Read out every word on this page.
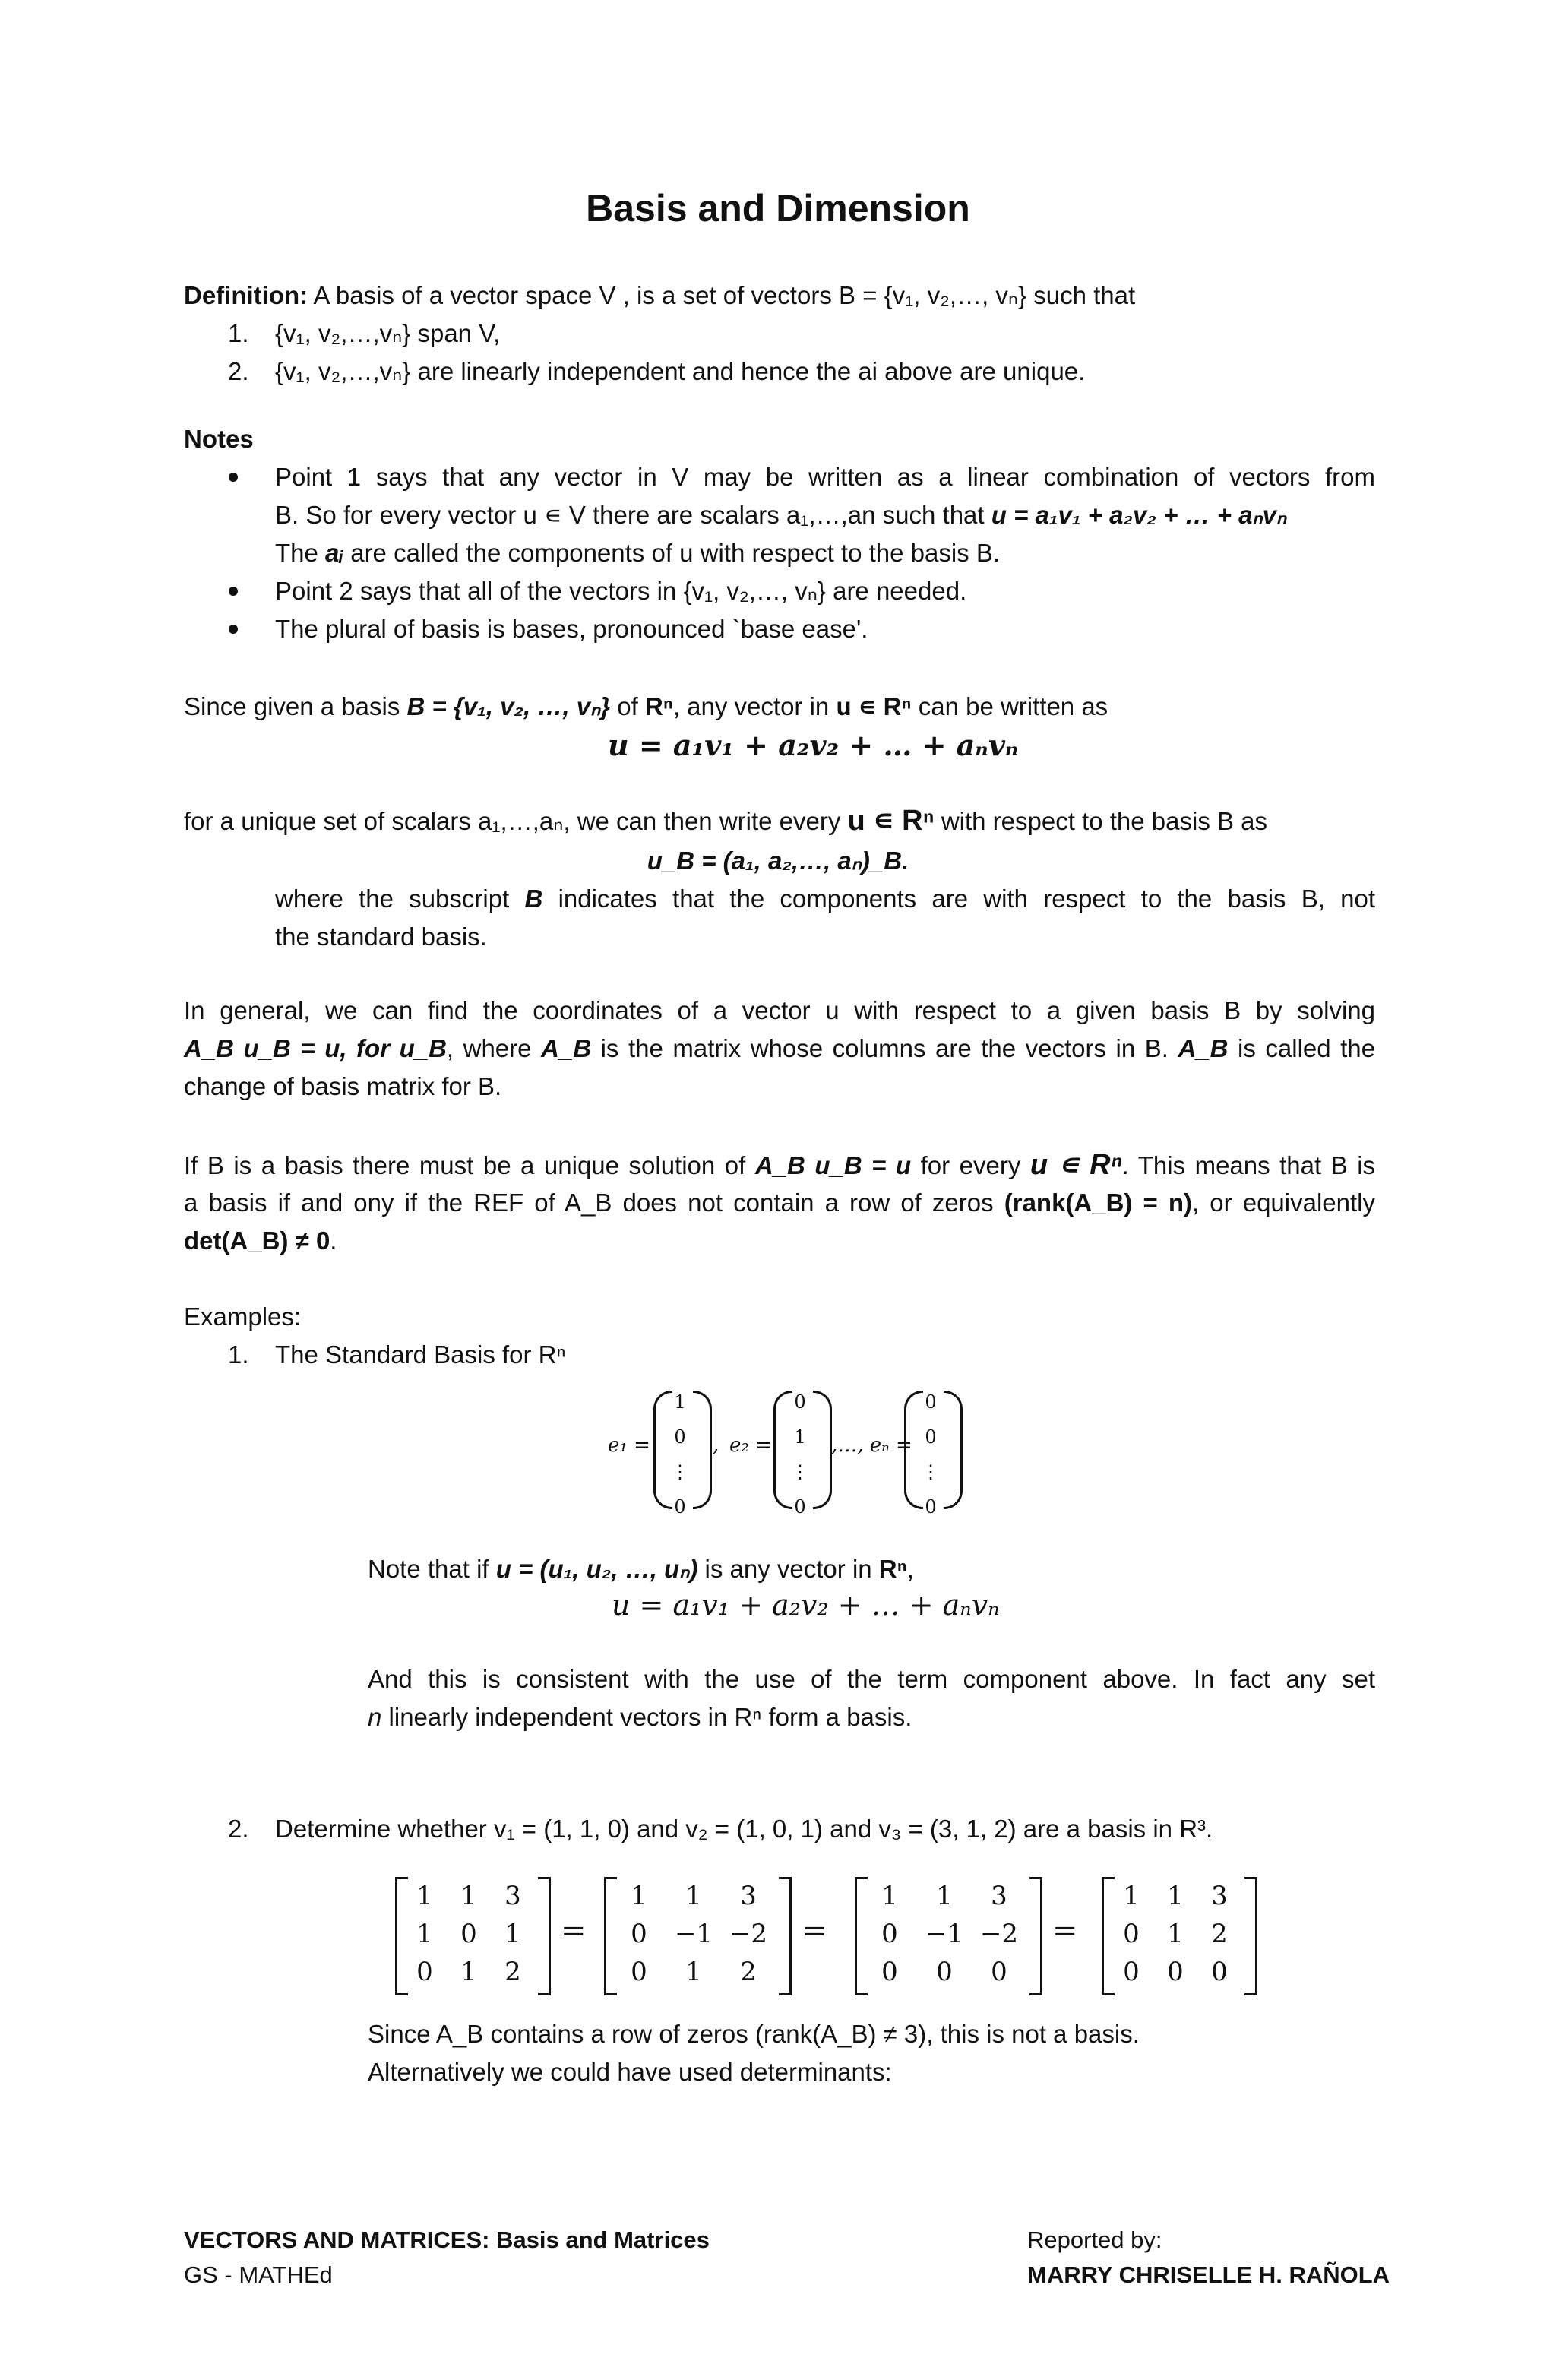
Basis and Dimension
Definition: A basis of a vector space V , is a set of vectors B = {v₁, v₂,…, vₙ} such that
1. {v₁, v₂,…,vₙ} span V,
2. {v₁, v₂,…,vₙ} are linearly independent and hence the ai above are unique.
Notes
Point 1 says that any vector in V may be written as a linear combination of vectors from
B. So for every vector u ∊ V there are scalars a₁,…,an such that u = a₁v₁ + a₂v₂ + … + aₙvₙ
The aᵢ are called the components of u with respect to the basis B.
Point 2 says that all of the vectors in {v₁, v₂,…, vₙ} are needed.
The plural of basis is bases, pronounced `base ease'.
Since given a basis B = {v₁, v₂, …, vₙ} of Rⁿ, any vector in u ∊ Rⁿ can be written as
u = a₁v₁ + a₂v₂ + … + aₙvₙ
for a unique set of scalars a₁,…,aₙ, we can then write every u ∊ Rⁿ with respect to the basis B as
u_B = (a₁, a₂,…, aₙ)_B.
where the subscript B indicates that the components are with respect to the basis B, not
the standard basis.
In general, we can find the coordinates of a vector u with respect to a given basis B by solving
A_B u_B = u, for u_B, where A_B is the matrix whose columns are the vectors in B. A_B is called the
change of basis matrix for B.
If B is a basis there must be a unique solution of A_B u_B = u for every u ∊ Rⁿ. This means that B is
a basis if and ony if the REF of A_B does not contain a row of zeros (rank(A_B) = n), or equivalently
det(A_B) ≠ 0.
Examples:
1. The Standard Basis for Rⁿ
e₁ =
1
0
⋮
0
, e₂ =
0
1
⋮
0
,…, eₙ =
0
0
⋮
0
Note that if u = (u₁, u₂, …, uₙ) is any vector in Rⁿ,
u = a₁v₁ + a₂v₂ + … + aₙvₙ
And this is consistent with the use of the term component above. In fact any set
n linearly independent vectors in Rⁿ form a basis.
2. Determine whether v₁ = (1, 1, 0) and v₂ = (1, 0, 1) and v₃ = (3, 1, 2) are a basis in R³.
1	1	3
1	0	1
0	1	2
=
1	1	3
0	−1 −2
0	1	2
=
1	1	3
0	−1 −2
0	0	0
=
1	1	3
0	1	2
0	0	0
Since A_B contains a row of zeros (rank(A_B) ≠ 3), this is not a basis.
Alternatively we could have used determinants:
VECTORS AND MATRICES: Basis and Matrices
GS - MATHEd
Reported by:
MARRY CHRISELLE H. RAÑOLA
